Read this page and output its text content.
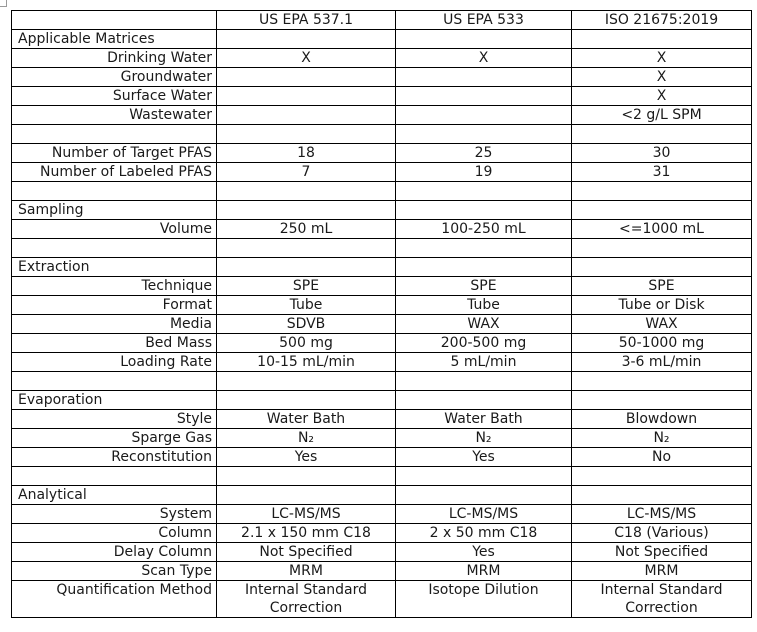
	US EPA 537.1	US EPA 533	ISO 21675:2019
Applicable Matrices			
Drinking Water	X	X	X
Groundwater			X
Surface Water			X
Wastewater			<2 g/L SPM

Number of Target PFAS	18	25	30
Number of Labeled PFAS	7	19	31

Sampling			
Volume	250 mL	100-250 mL	<=1000 mL

Extraction			
Technique	SPE	SPE	SPE
Format	Tube	Tube	Tube or Disk
Media	SDVB	WAX	WAX
Bed Mass	500 mg	200-500 mg	50-1000 mg
Loading Rate	10-15 mL/min	5 mL/min	3-6 mL/min

Evaporation			
Style	Water Bath	Water Bath	Blowdown
Sparge Gas	N₂	N₂	N₂
Reconstitution	Yes	Yes	No

Analytical			
System	LC-MS/MS	LC-MS/MS	LC-MS/MS
Column	2.1 x 150 mm C18	2 x 50 mm C18	C18 (Various)
Delay Column	Not Specified	Yes	Not Specified
Scan Type	MRM	MRM	MRM
Quantification Method	Internal Standard Correction	Isotope Dilution	Internal Standard Correction
